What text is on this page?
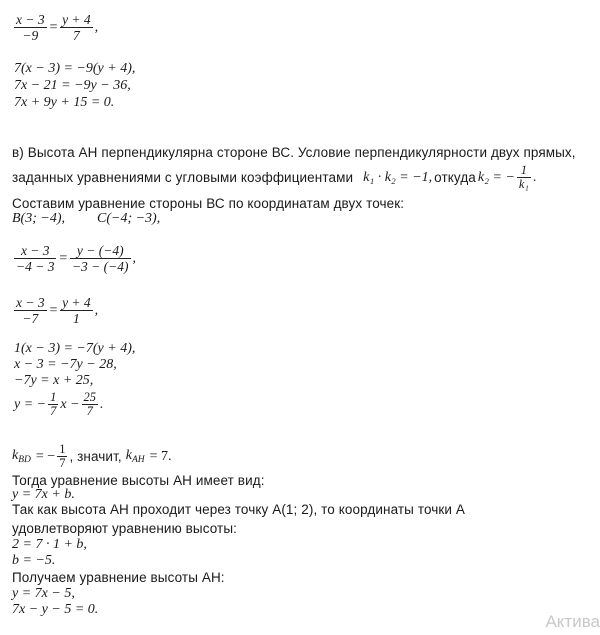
$\frac{x - 3}{-9} = \frac{y + 4}{7}$ ,
7(x − 3) = −9(y + 4),
7x − 21 = −9y − 36,
7x + 9y + 15 = 0.
в) Высота АН перпендикулярна стороне ВС. Условие перпендикулярности двух прямых,
заданных уравнениями с угловыми коэффициентами k₁ · k₂ = −1, откуда k₂ = − $\frac{1}{\text{k₁}}$ .
Составим уравнение стороны ВС по координатам двух точек:
B(3; −4), C(−4; −3),
$\frac{x - 3}{-4 - 3} = \frac{y - (-4)}{-3 - (-4)}$ ,
$\frac{x - 3}{-7} = \frac{y + 4}{1}$ ,
1(x − 3) = −7(y + 4),
x − 3 = −7y − 28,
−7y = x + 25,
y = − $\frac{1}{7}$ $x - \frac{25}{7}$ .
$k_{BD}$ = − $\frac{1}{7}$ , значит, $k_{AH} = 7$.
Тогда уравнение высоты AH имеет вид:
y = 7x + b.
Так как высота AH проходит через точку A(1; 2), то координаты точки A
удовлетворяют уравнению высоты:
2 = 7 · 1 + b,
b = −5.
Получаем уравнение высоты AH:
y = 7x − 5,
7x − y − 5 = 0.
Актива
